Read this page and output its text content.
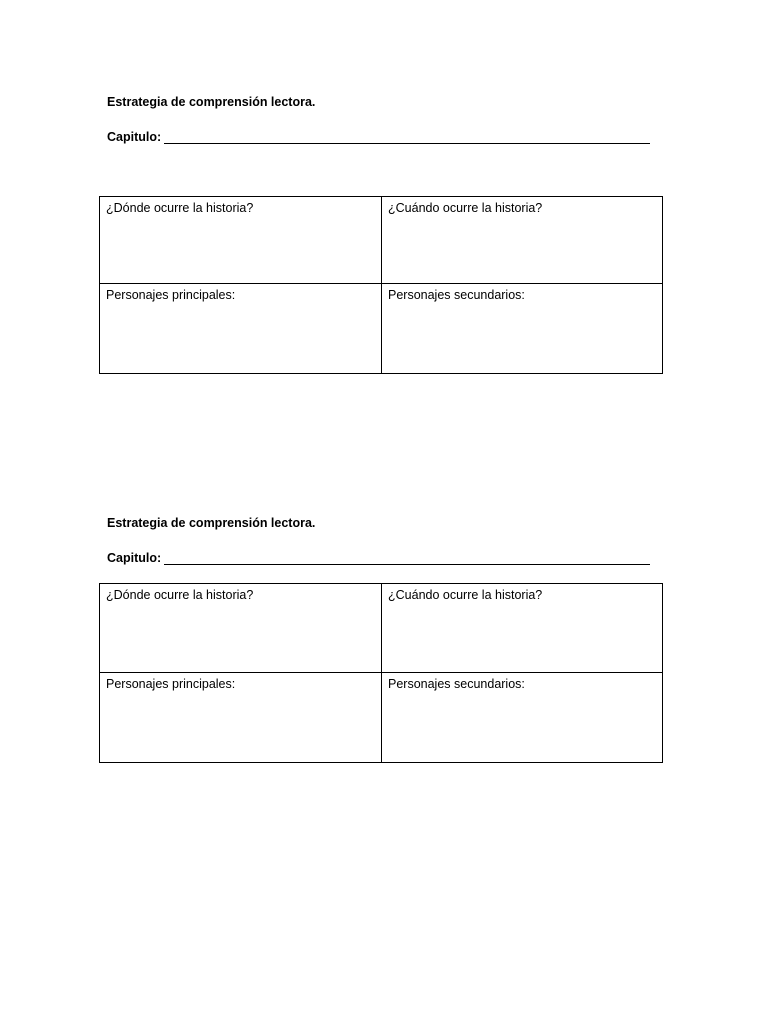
Estrategia de comprensión lectora.
Capitulo:
¿Dónde ocurre la historia?	¿Cuándo ocurre la historia?
Personajes principales:	Personajes secundarios:
Estrategia de comprensión lectora.
Capitulo:
¿Dónde ocurre la historia?	¿Cuándo ocurre la historia?
Personajes principales:	Personajes secundarios:
